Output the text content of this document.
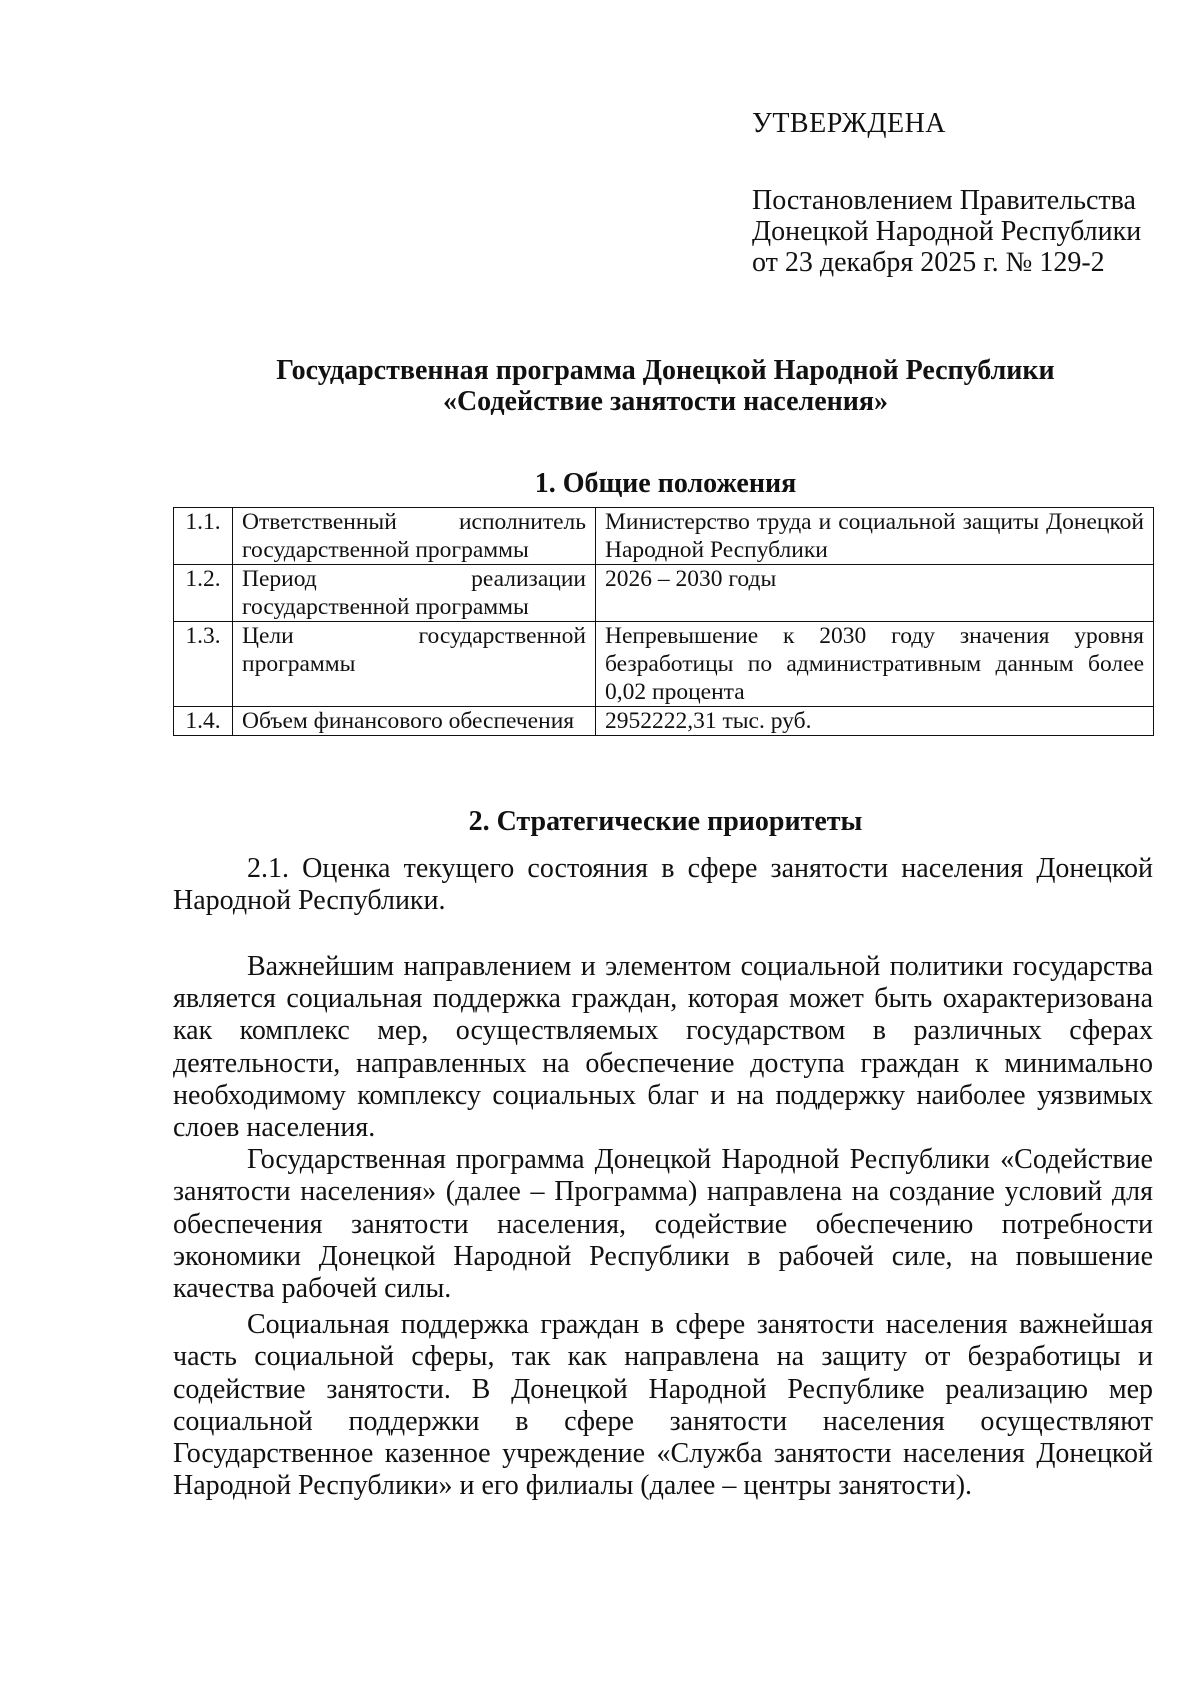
УТВЕРЖДЕНА
Постановлением Правительства
Донецкой Народной Республики
от 23 декабря 2025 г. № 129-2
Государственная программа Донецкой Народной Республики
«Содействие занятости населения»
1. Общие положения
1.1.	Ответственный исполнитель государственной программы	Министерство труда и социальной защиты Донецкой Народной Республики
1.2.	Период реализации государственной программы	2026 – 2030 годы
1.3.	Цели государственной программы	Непревышение к 2030 году значения уровня безработицы по административным данным более 0,02 процента
1.4.	Объем финансового обеспечения	2952222,31 тыс. руб.
2. Стратегические приоритеты

2.1. Оценка текущего состояния в сфере занятости населения Донецкой Народной Республики.

Важнейшим направлением и элементом социальной политики государства является социальная поддержка граждан, которая может быть охарактеризована как комплекс мер, осуществляемых государством в различных сферах деятельности, направленных на обеспечение доступа граждан к минимально необходимому комплексу социальных благ и на поддержку наиболее уязвимых слоев населения.

Государственная программа Донецкой Народной Республики «Содействие занятости населения» (далее – Программа) направлена на создание условий для обеспечения занятости населения, содействие обеспечению потребности экономики Донецкой Народной Республики в рабочей силе, на повышение качества рабочей силы.

Социальная поддержка граждан в сфере занятости населения важнейшая часть социальной сферы, так как направлена на защиту от безработицы и содействие занятости. В Донецкой Народной Республике реализацию мер социальной поддержки в сфере занятости населения осуществляют Государственное казенное учреждение «Служба занятости населения Донецкой Народной Республики» и его филиалы (далее – центры занятости).
